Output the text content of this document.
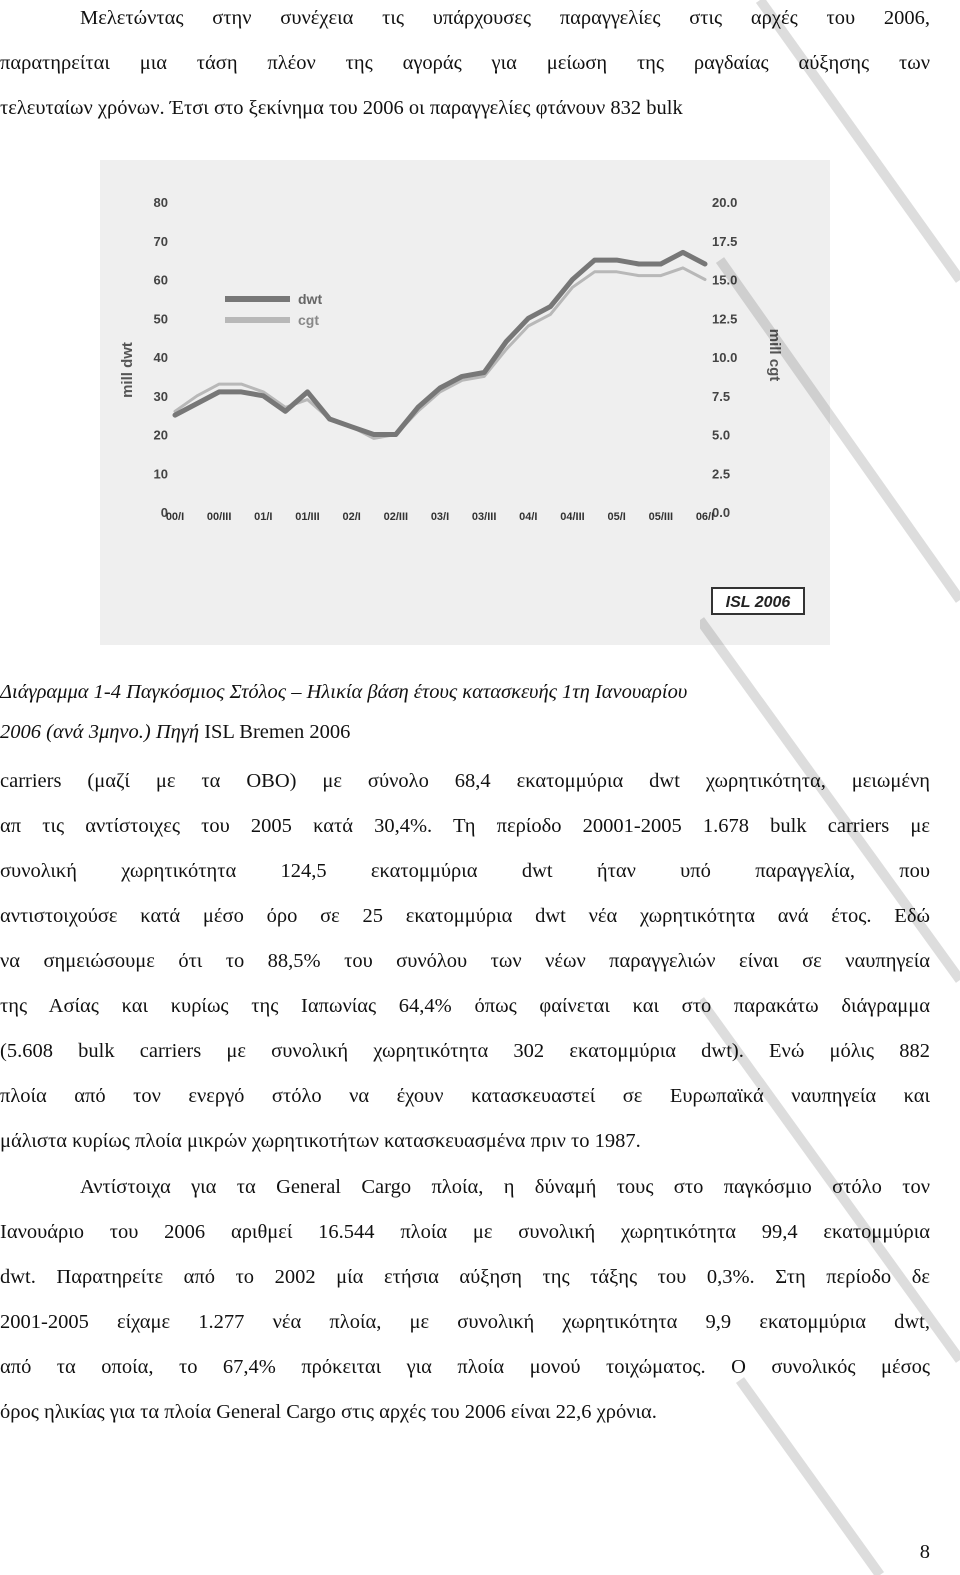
Μελετώντας στην συνέχεια τις υπάρχουσες παραγγελίες στις αρχές του 2006,
παρατηρείται μια τάση πλέον της αγοράς για μείωση της ραγδαίας αύξησης των
τελευταίων χρόνων. Έτσι στο ξεκίνημα του 2006 οι παραγγελίες φτάνουν 832 bulk
0
10
20
30
40
50
60
70
80
0.0
2.5
5.0
7.5
10.0
12.5
15.0
17.5
20.0
00/I 00/III 01/I 01/III 02/I 02/III 03/I 03/III 04/I 04/III 05/I 05/III 06/I
mill dwt	mill cgt
dwt
cgt
ISL 2006

Διάγραμμα 1-4 Παγκόσμιος Στόλος – Ηλικία βάση έτους κατασκευής 1τη Ιανουαρίου
2006 (ανά 3μηνο.) Πηγή ISL Bremen 2006

carriers (μαζί με τα OBO) με σύνολο 68,4 εκατομμύρια dwt χωρητικότητα, μειωμένη
απ τις αντίστοιχες του 2005 κατά 30,4%. Τη περίοδο 20001-2005 1.678 bulk carriers με
συνολική χωρητικότητα 124,5 εκατομμύρια dwt ήταν υπό παραγγελία, που
αντιστοιχούσε κατά μέσο όρο σε 25 εκατομμύρια dwt νέα χωρητικότητα ανά έτος. Εδώ
να σημειώσουμε ότι το 88,5% του συνόλου των νέων παραγγελιών είναι σε ναυπηγεία
της Ασίας και κυρίως της Ιαπωνίας 64,4% όπως φαίνεται και στο παρακάτω διάγραμμα
(5.608 bulk carriers με συνολική χωρητικότητα 302 εκατομμύρια dwt). Ενώ μόλις 882
πλοία από τον ενεργό στόλο να έχουν κατασκευαστεί σε Ευρωπαϊκά ναυπηγεία και
μάλιστα κυρίως πλοία μικρών χωρητικοτήτων κατασκευασμένα πριν το 1987.
Αντίστοιχα για τα General Cargo πλοία, η δύναμή τους στο παγκόσμιο στόλο τον
Ιανουάριο του 2006 αριθμεί 16.544 πλοία με συνολική χωρητικότητα 99,4 εκατομμύρια
dwt. Παρατηρείτε από το 2002 μία ετήσια αύξηση της τάξης του 0,3%. Στη περίοδο δε
2001-2005 είχαμε 1.277 νέα πλοία, με συνολική χωρητικότητα 9,9 εκατομμύρια dwt,
από τα οποία, το 67,4% πρόκειται για πλοία μονού τοιχώματος. Ο συνολικός μέσος
όρος ηλικίας για τα πλοία General Cargo στις αρχές του 2006 είναι 22,6 χρόνια.

8
